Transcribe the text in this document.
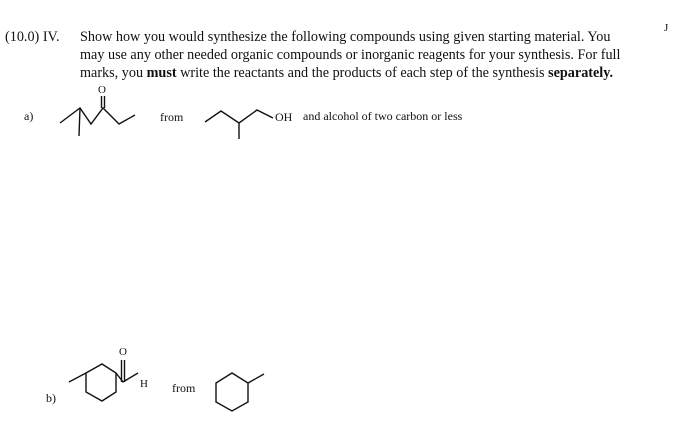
J
(10.0) IV. Show how you would synthesize the following compounds using given starting material. You
may use any other needed organic compounds or inorganic reagents for your synthesis. For full
marks, you must write the reactants and the products of each step of the synthesis separately.
a)
O
from	OH and alcohol of two carbon or less
b)
O
H from
